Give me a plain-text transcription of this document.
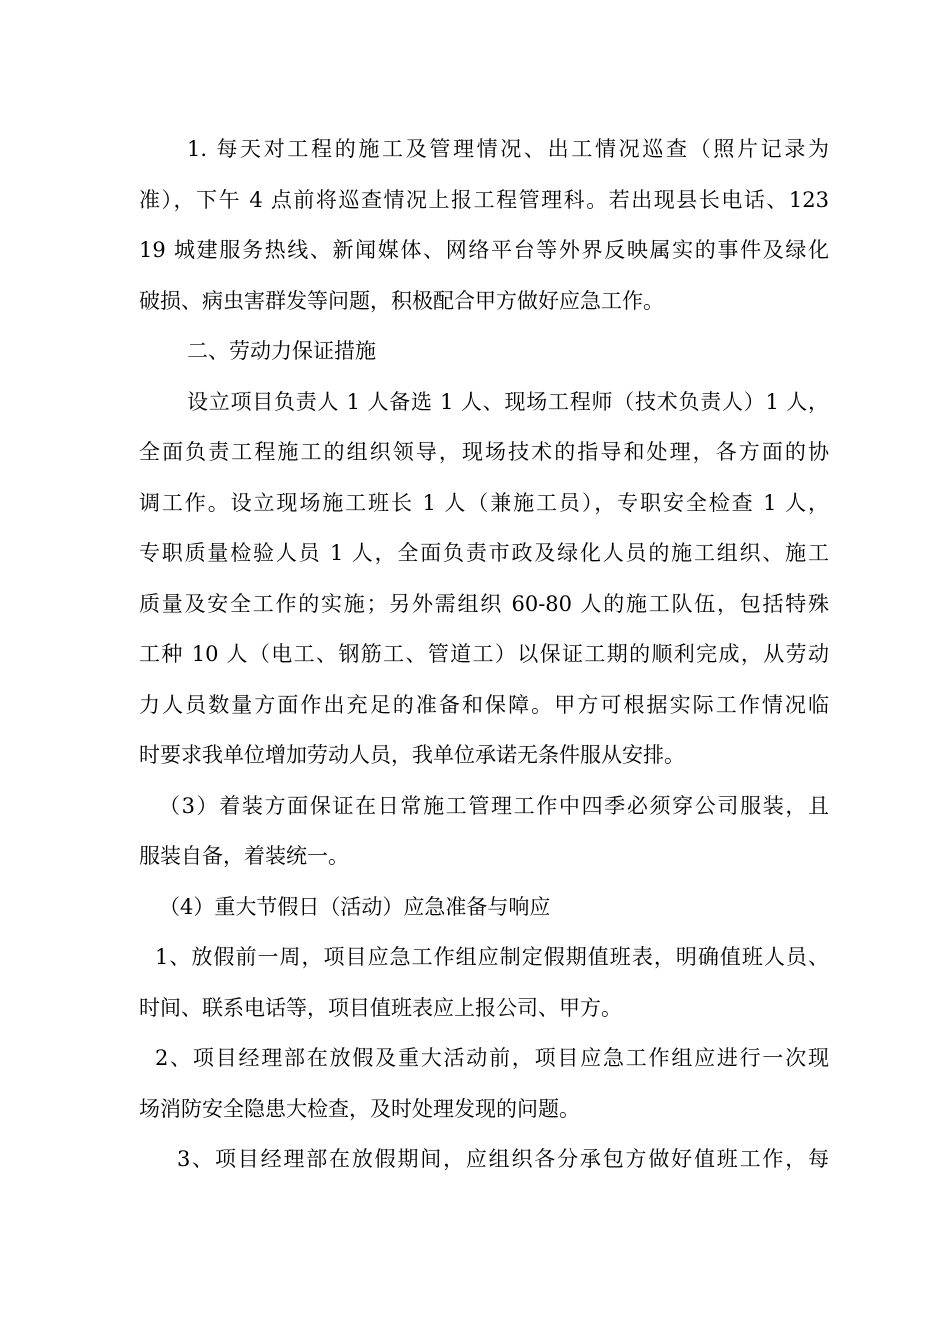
1. 每天对工程的施工及管理情况、出工情况巡查（照片记录为
准），下午 4 点前将巡查情况上报工程管理科。若出现县长电话、123
19 城建服务热线、新闻媒体、网络平台等外界反映属实的事件及绿化
破损、病虫害群发等问题，积极配合甲方做好应急工作。
二、劳动力保证措施
设立项目负责人 1 人备选 1 人、现场工程师（技术负责人）1 人，
全面负责工程施工的组织领导，现场技术的指导和处理，各方面的协
调工作。设立现场施工班长 1 人（兼施工员），专职安全检查 1 人，
专职质量检验人员 1 人，全面负责市政及绿化人员的施工组织、施工
质量及安全工作的实施；另外需组织 60-80 人的施工队伍，包括特殊
工种 10 人（电工、钢筋工、管道工）以保证工期的顺利完成，从劳动
力人员数量方面作出充足的准备和保障。甲方可根据实际工作情况临
时要求我单位增加劳动人员，我单位承诺无条件服从安排。
（3）着装方面保证在日常施工管理工作中四季必须穿公司服装，且
服装自备，着装统一。
（4）重大节假日（活动）应急准备与响应
1、放假前一周，项目应急工作组应制定假期值班表，明确值班人员、
时间、联系电话等，项目值班表应上报公司、甲方。
2、项目经理部在放假及重大活动前，项目应急工作组应进行一次现
场消防安全隐患大检查，及时处理发现的问题。
3、项目经理部在放假期间，应组织各分承包方做好值班工作，每
